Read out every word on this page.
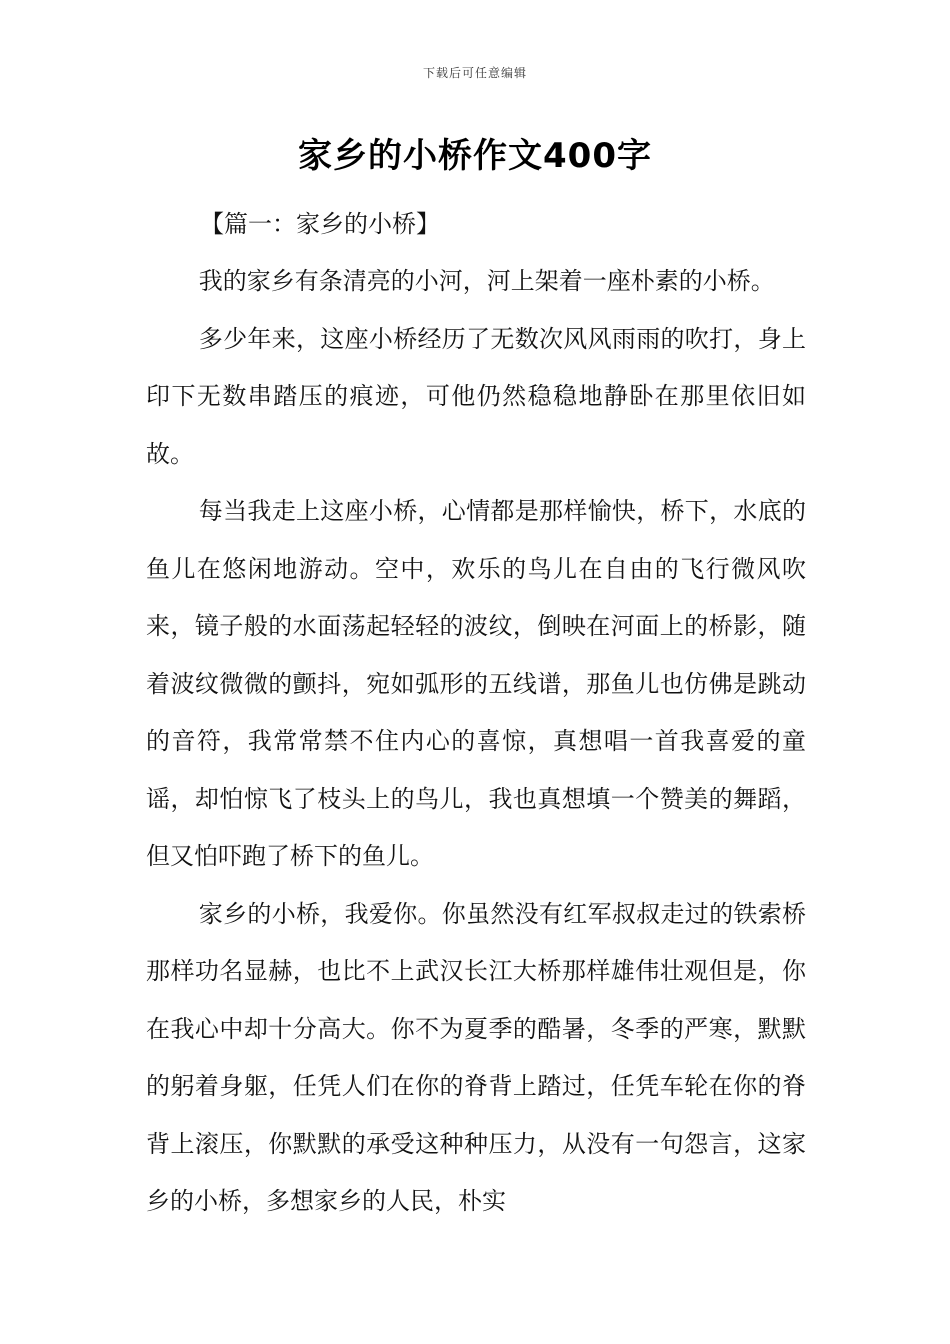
下载后可任意编辑
家乡的小桥作文400字

【篇一：家乡的小桥】

我的家乡有条清亮的小河，河上架着一座朴素的小桥。

多少年来，这座小桥经历了无数次风风雨雨的吹打，身上印下无数串踏压的痕迹，可他仍然稳稳地静卧在那里依旧如故。

每当我走上这座小桥，心情都是那样愉快，桥下，水底的鱼儿在悠闲地游动。空中，欢乐的鸟儿在自由的飞行微风吹来，镜子般的水面荡起轻轻的波纹，倒映在河面上的桥影，随着波纹微微的颤抖，宛如弧形的五线谱，那鱼儿也仿佛是跳动的音符，我常常禁不住内心的喜惊，真想唱一首我喜爱的童谣，却怕惊飞了枝头上的鸟儿，我也真想填一个赞美的舞蹈，但又怕吓跑了桥下的鱼儿。

家乡的小桥，我爱你。你虽然没有红军叔叔走过的铁索桥那样功名显赫，也比不上武汉长江大桥那样雄伟壮观但是，你在我心中却十分高大。你不为夏季的酷暑，冬季的严寒，默默的躬着身躯，任凭人们在你的脊背上踏过，任凭车轮在你的脊背上滚压，你默默的承受这种种压力，从没有一句怨言，这家乡的小桥，多想家乡的人民，朴实
